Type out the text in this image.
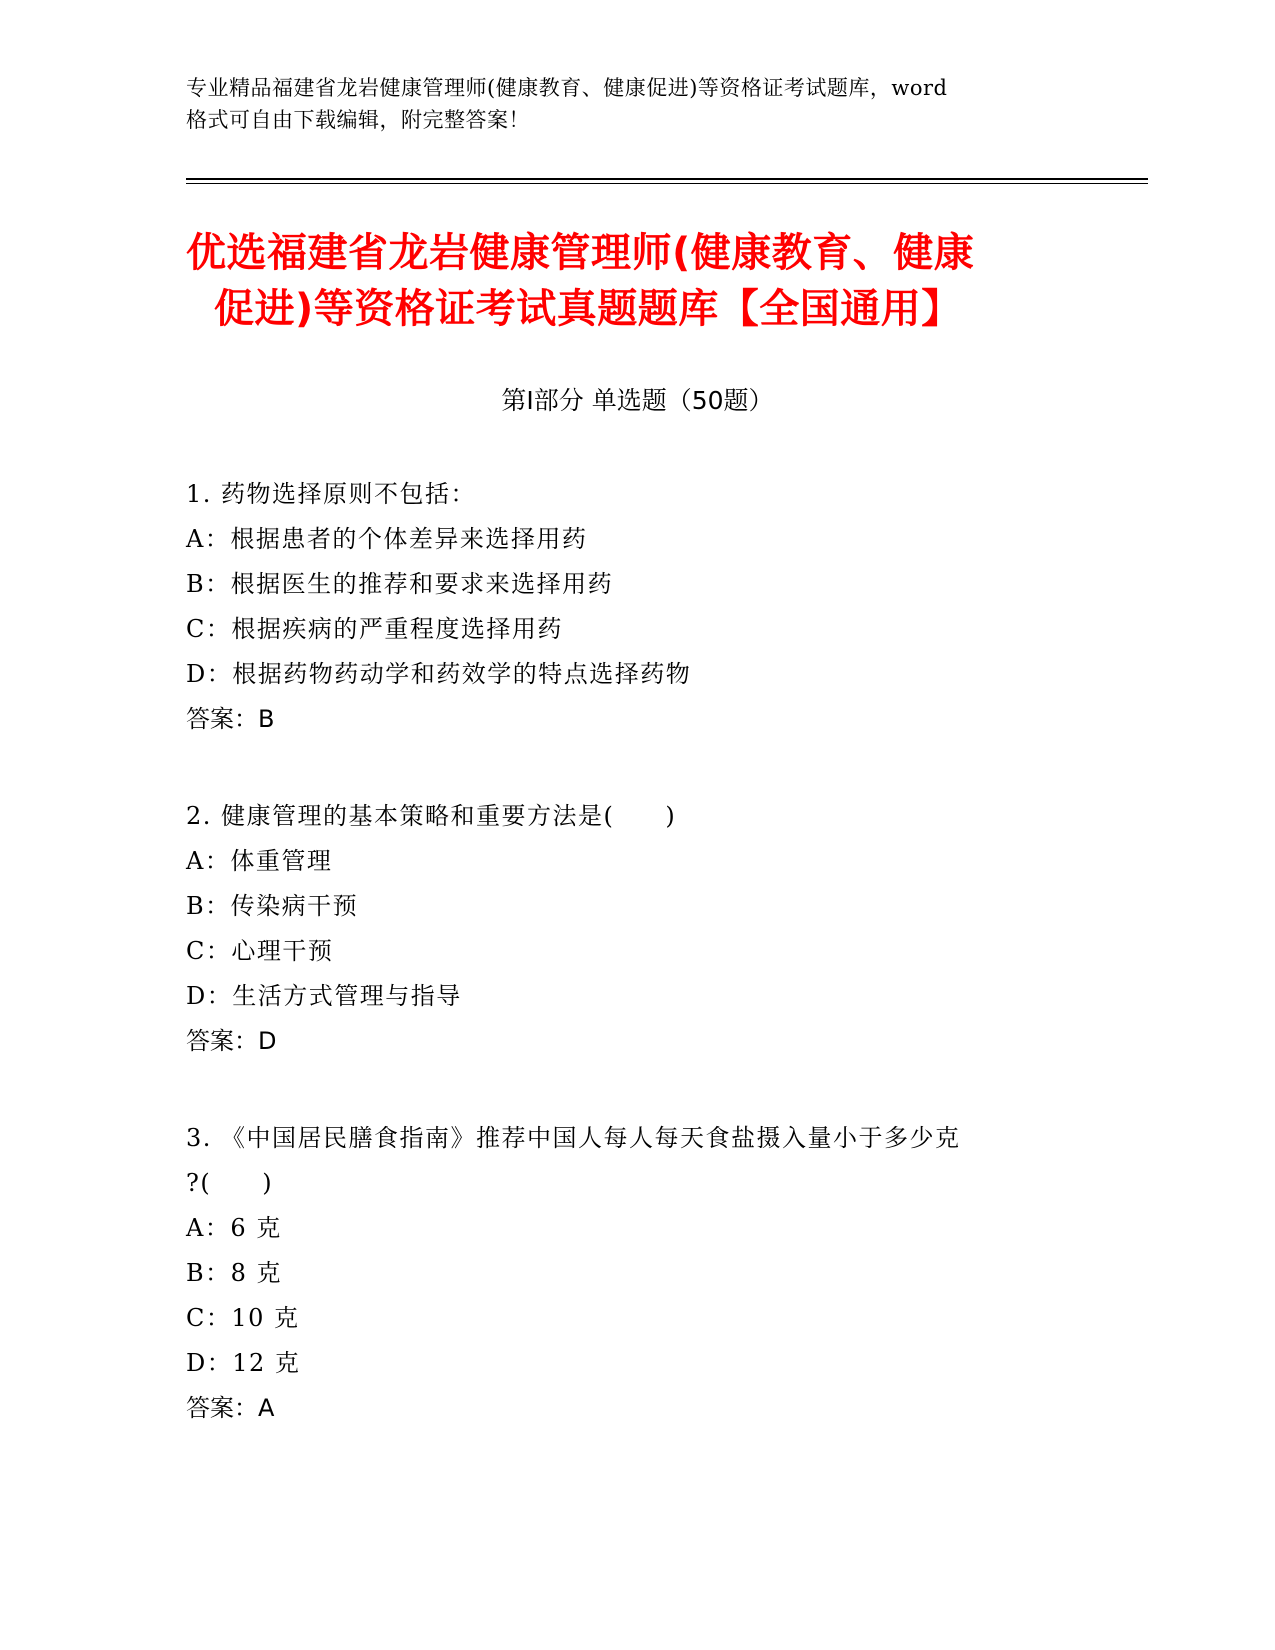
专业精品福建省龙岩健康管理师(健康教育、健康促进)等资格证考试题库，word
格式可自由下载编辑，附完整答案！
优选福建省龙岩健康管理师(健康教育、健康
促进)等资格证考试真题题库【全国通用】
第Ⅰ部分 单选题（50题）
1. 药物选择原则不包括：
A：根据患者的个体差异来选择用药
B：根据医生的推荐和要求来选择用药
C：根据疾病的严重程度选择用药
D：根据药物药动学和药效学的特点选择药物
答案：B
2. 健康管理的基本策略和重要方法是(　　)
A：体重管理
B：传染病干预
C：心理干预
D：生活方式管理与指导
答案：D
3. 《中国居民膳食指南》推荐中国人每人每天食盐摄入量小于多少克
?(　　)
A：6 克
B：8 克
C：10 克
D：12 克
答案：A
